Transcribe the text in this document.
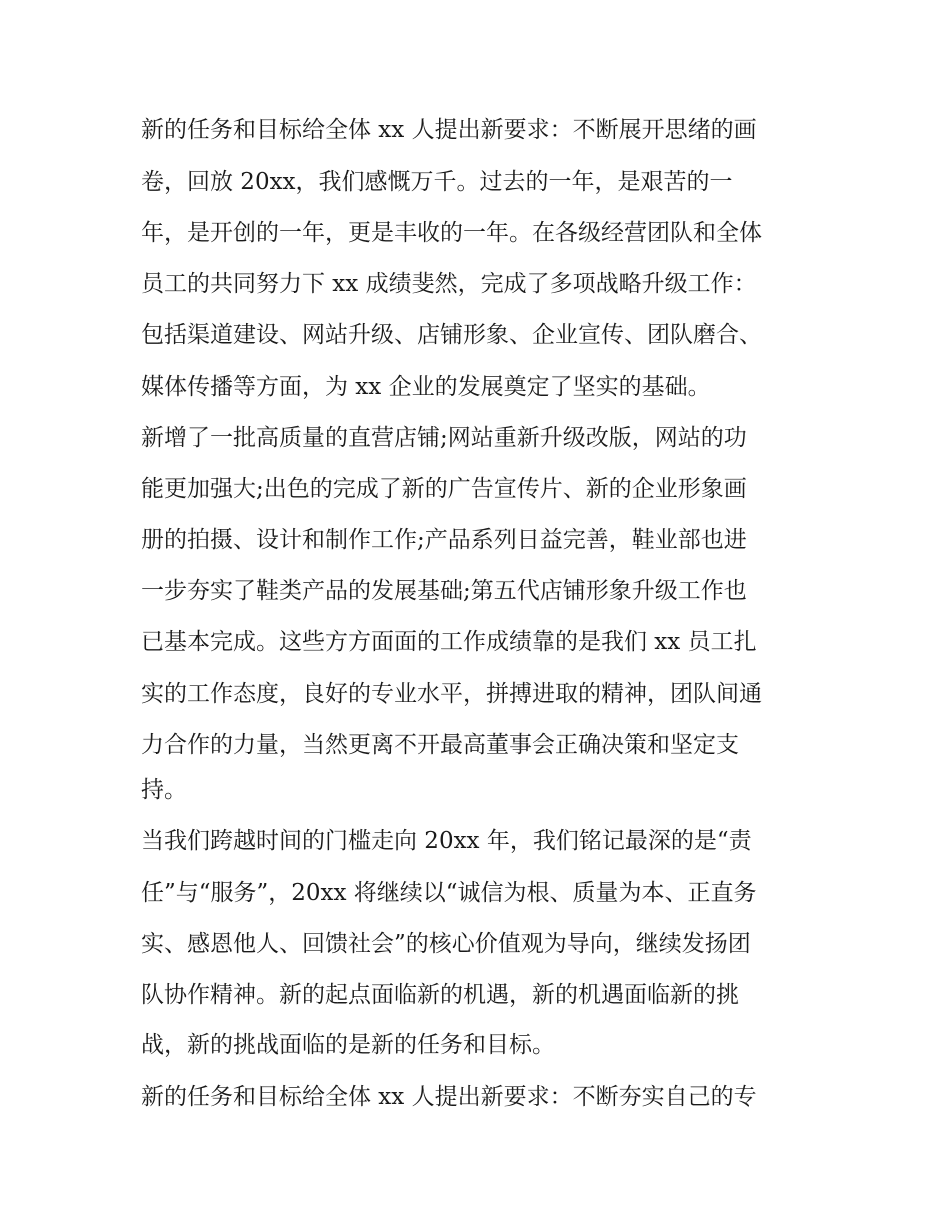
新的任务和目标给全体 xx 人提出新要求：不断展开思绪的画
卷，回放 20xx，我们感慨万千。过去的一年，是艰苦的一
年，是开创的一年，更是丰收的一年。在各级经营团队和全体
员工的共同努力下 xx 成绩斐然，完成了多项战略升级工作：
包括渠道建设、网站升级、店铺形象、企业宣传、团队磨合、
媒体传播等方面，为 xx 企业的发展奠定了坚实的基础。
新增了一批高质量的直营店铺;网站重新升级改版，网站的功
能更加强大;出色的完成了新的广告宣传片、新的企业形象画
册的拍摄、设计和制作工作;产品系列日益完善，鞋业部也进
一步夯实了鞋类产品的发展基础;第五代店铺形象升级工作也
已基本完成。这些方方面面的工作成绩靠的是我们 xx 员工扎
实的工作态度，良好的专业水平，拼搏进取的精神，团队间通
力合作的力量，当然更离不开最高董事会正确决策和坚定支
持。
当我们跨越时间的门槛走向 20xx 年，我们铭记最深的是“责
任”与“服务”，20xx 将继续以“诚信为根、质量为本、正直务
实、感恩他人、回馈社会”的核心价值观为导向，继续发扬团
队协作精神。新的起点面临新的机遇，新的机遇面临新的挑
战，新的挑战面临的是新的任务和目标。
新的任务和目标给全体 xx 人提出新要求：不断夯实自己的专
